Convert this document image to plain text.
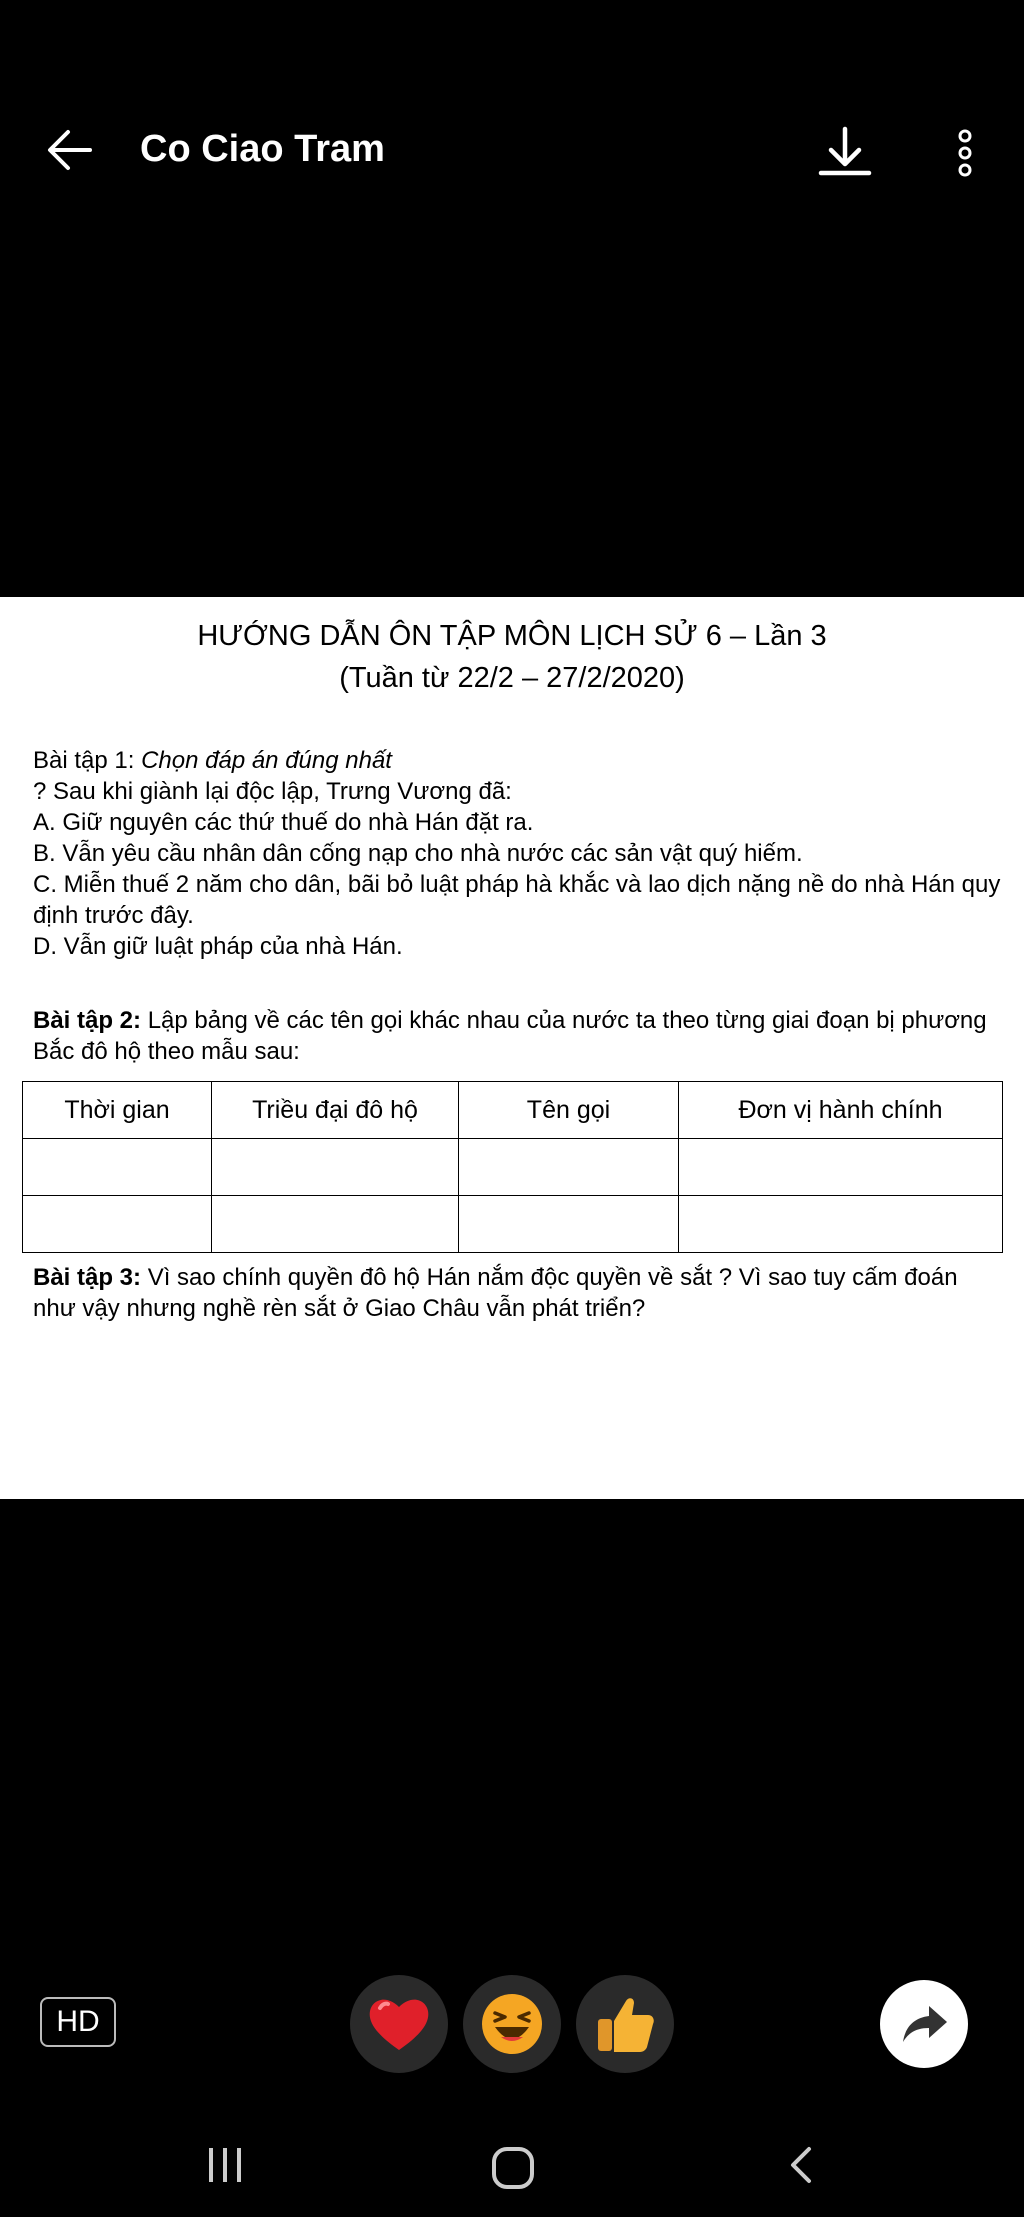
Co Ciao Tram
HƯỚNG DẪN ÔN TẬP MÔN LỊCH SỬ 6 – Lần 3
(Tuần từ 22/2 – 27/2/2020)
Bài tập 1: Chọn đáp án đúng nhất
? Sau khi giành lại độc lập, Trưng Vương đã:
A. Giữ nguyên các thứ thuế do nhà Hán đặt ra.
B. Vẫn yêu cầu nhân dân cống nạp cho nhà nước các sản vật quý hiếm.
C. Miễn thuế 2 năm cho dân, bãi bỏ luật pháp hà khắc và lao dịch nặng nề do nhà Hán quy định trước đây.
D. Vẫn giữ luật pháp của nhà Hán.
Bài tập 2: Lập bảng về các tên gọi khác nhau của nước ta theo từng giai đoạn bị phương Bắc đô hộ theo mẫu sau:
Thời gian	Triều đại đô hộ	Tên gọi	Đơn vị hành chính

Bài tập 3: Vì sao chính quyền đô hộ Hán nắm độc quyền về sắt ? Vì sao tuy cấm đoán như vậy nhưng nghề rèn sắt ở Giao Châu vẫn phát triển?
HD
